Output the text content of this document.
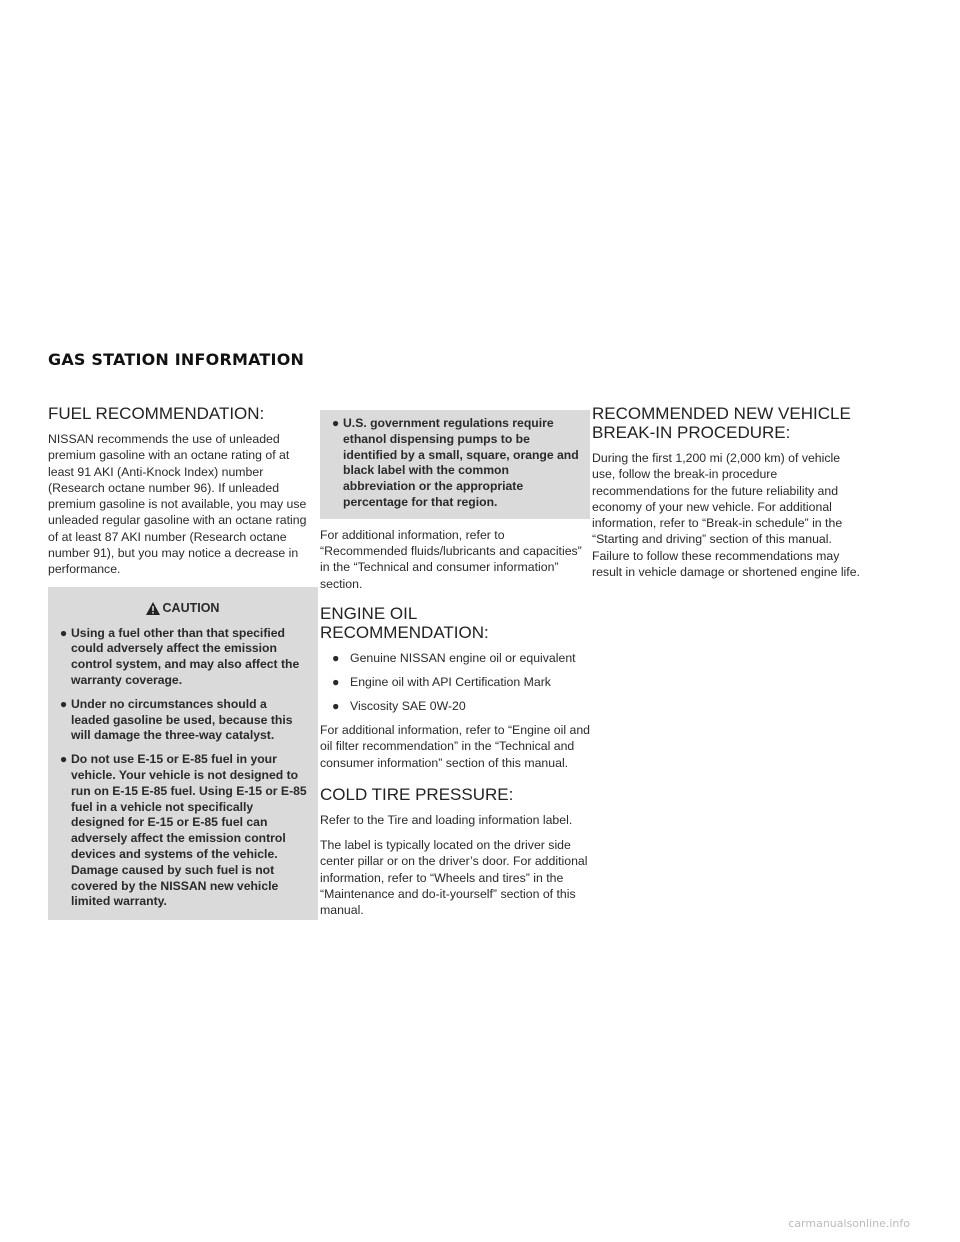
GAS STATION INFORMATION
FUEL RECOMMENDATION:

NISSAN recommends the use of unleaded premium gasoline with an octane rating of at least 91 AKI (Anti-Knock Index) number (Research octane number 96). If unleaded premium gasoline is not available, you may use unleaded regular gasoline with an octane rating of at least 87 AKI number (Research octane number 91), but you may notice a decrease in performance.

CAUTION
● Using a fuel other than that specified could adversely affect the emission control system, and may also affect the warranty coverage.
● Under no circumstances should a leaded gasoline be used, because this will damage the three-way catalyst.
● Do not use E-15 or E-85 fuel in your vehicle. Your vehicle is not designed to run on E-15 E-85 fuel. Using E-15 or E-85 fuel in a vehicle not specifically designed for E-15 or E-85 fuel can adversely affect the emission control devices and systems of the vehicle. Damage caused by such fuel is not covered by the NISSAN new vehicle limited warranty.
● U.S. government regulations require ethanol dispensing pumps to be identified by a small, square, orange and black label with the common abbreviation or the appropriate percentage for that region.

For additional information, refer to “Recommended fluids/lubricants and capacities” in the “Technical and consumer information” section.

ENGINE OIL RECOMMENDATION:
● Genuine NISSAN engine oil or equivalent
● Engine oil with API Certification Mark
● Viscosity SAE 0W-20

For additional information, refer to “Engine oil and oil filter recommendation” in the “Technical and consumer information” section of this manual.

COLD TIRE PRESSURE:

Refer to the Tire and loading information label.

The label is typically located on the driver side center pillar or on the driver’s door. For additional information, refer to “Wheels and tires” in the “Maintenance and do-it-yourself” section of this manual.

RECOMMENDED NEW VEHICLE BREAK-IN PROCEDURE:

During the first 1,200 mi (2,000 km) of vehicle use, follow the break-in procedure recommendations for the future reliability and economy of your new vehicle. For additional information, refer to “Break-in schedule” in the “Starting and driving” section of this manual. Failure to follow these recommendations may result in vehicle damage or shortened engine life.

carmanualsonline.info
